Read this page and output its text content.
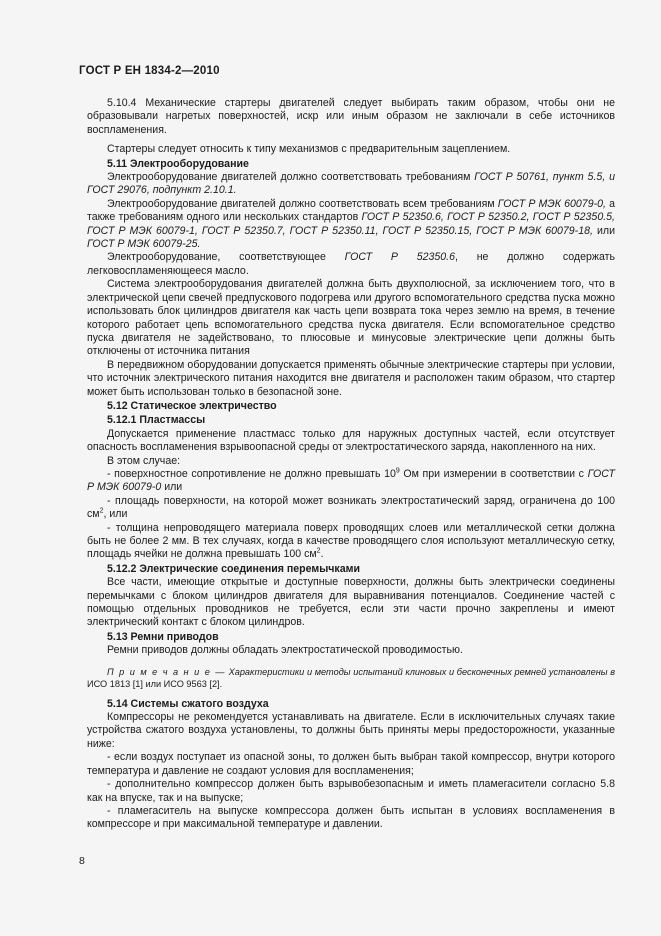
ГОСТ Р ЕН 1834-2—2010

5.10.4 Механические стартеры двигателей следует выбирать таким образом, чтобы они не образовывали нагретых поверхностей, искр или иным образом не заключали в себе источников воспламенения.

Стартеры следует относить к типу механизмов с предварительным зацеплением.

5.11 Электрооборудование

Электрооборудование двигателей должно соответствовать требованиям ГОСТ Р 50761, пункт 5.5, и ГОСТ 29076, подпункт 2.10.1.

Электрооборудование двигателей должно соответствовать всем требованиям ГОСТ Р МЭК 60079-0, а также требованиям одного или нескольких стандартов ГОСТ Р 52350.6, ГОСТ Р 52350.2, ГОСТ Р 52350.5, ГОСТ Р МЭК 60079-1, ГОСТ Р 52350.7, ГОСТ Р 52350.11, ГОСТ Р 52350.15, ГОСТ Р МЭК 60079-18, или ГОСТ Р МЭК 60079-25.

Электрооборудование, соответствующее ГОСТ Р 52350.6, не должно содержать легковоспламеняющееся масло.

Система электрооборудования двигателей должна быть двухполюсной, за исключением того, что в электрической цепи свечей предпускового подогрева или другого вспомогательного средства пуска можно использовать блок цилиндров двигателя как часть цепи возврата тока через землю на время, в течение которого работает цепь вспомогательного средства пуска двигателя. Если вспомогательное средство пуска двигателя не задействовано, то плюсовые и минусовые электрические цепи должны быть отключены от источника питания

В передвижном оборудовании допускается применять обычные электрические стартеры при условии, что источник электрического питания находится вне двигателя и расположен таким образом, что стартер может быть использован только в безопасной зоне.

5.12 Статическое электричество

5.12.1 Пластмассы

Допускается применение пластмасс только для наружных доступных частей, если отсутствует опасность воспламенения взрывоопасной среды от электростатического заряда, накопленного на них.

В этом случае:

- поверхностное сопротивление не должно превышать $10^9$ Ом при измерении в соответствии с ГОСТ Р МЭК 60079-0 или

- площадь поверхности, на которой может возникать электростатический заряд, ограничена до 100 $см^2$, или

- толщина непроводящего материала поверх проводящих слоев или металлической сетки должна быть не более 2 мм. В тех случаях, когда в качестве проводящего слоя используют металлическую сетку, площадь ячейки не должна превышать 100 $см^2$.

5.12.2 Электрические соединения перемычками

Все части, имеющие открытые и доступные поверхности, должны быть электрически соединены перемычками с блоком цилиндров двигателя для выравнивания потенциалов. Соединение частей с помощью отдельных проводников не требуется, если эти части прочно закреплены и имеют электрический контакт с блоком цилиндров.

5.13 Ремни приводов

Ремни приводов должны обладать электростатической проводимостью.

П р и м е ч а н и е — Характеристики и методы испытаний клиновых и бесконечных ремней установлены в ИСО 1813 [1] или ИСО 9563 [2].

5.14 Системы сжатого воздуха

Компрессоры не рекомендуется устанавливать на двигателе. Если в исключительных случаях такие устройства сжатого воздуха установлены, то должны быть приняты меры предосторожности, указанные ниже:

- если воздух поступает из опасной зоны, то должен быть выбран такой компрессор, внутри которого температура и давление не создают условия для воспламенения;

- дополнительно компрессор должен быть взрывобезопасным и иметь пламегасители согласно 5.8 как на впуске, так и на выпуске;

- пламегаситель на выпуске компрессора должен быть испытан в условиях воспламенения в компрессоре и при максимальной температуре и давлении.

8
